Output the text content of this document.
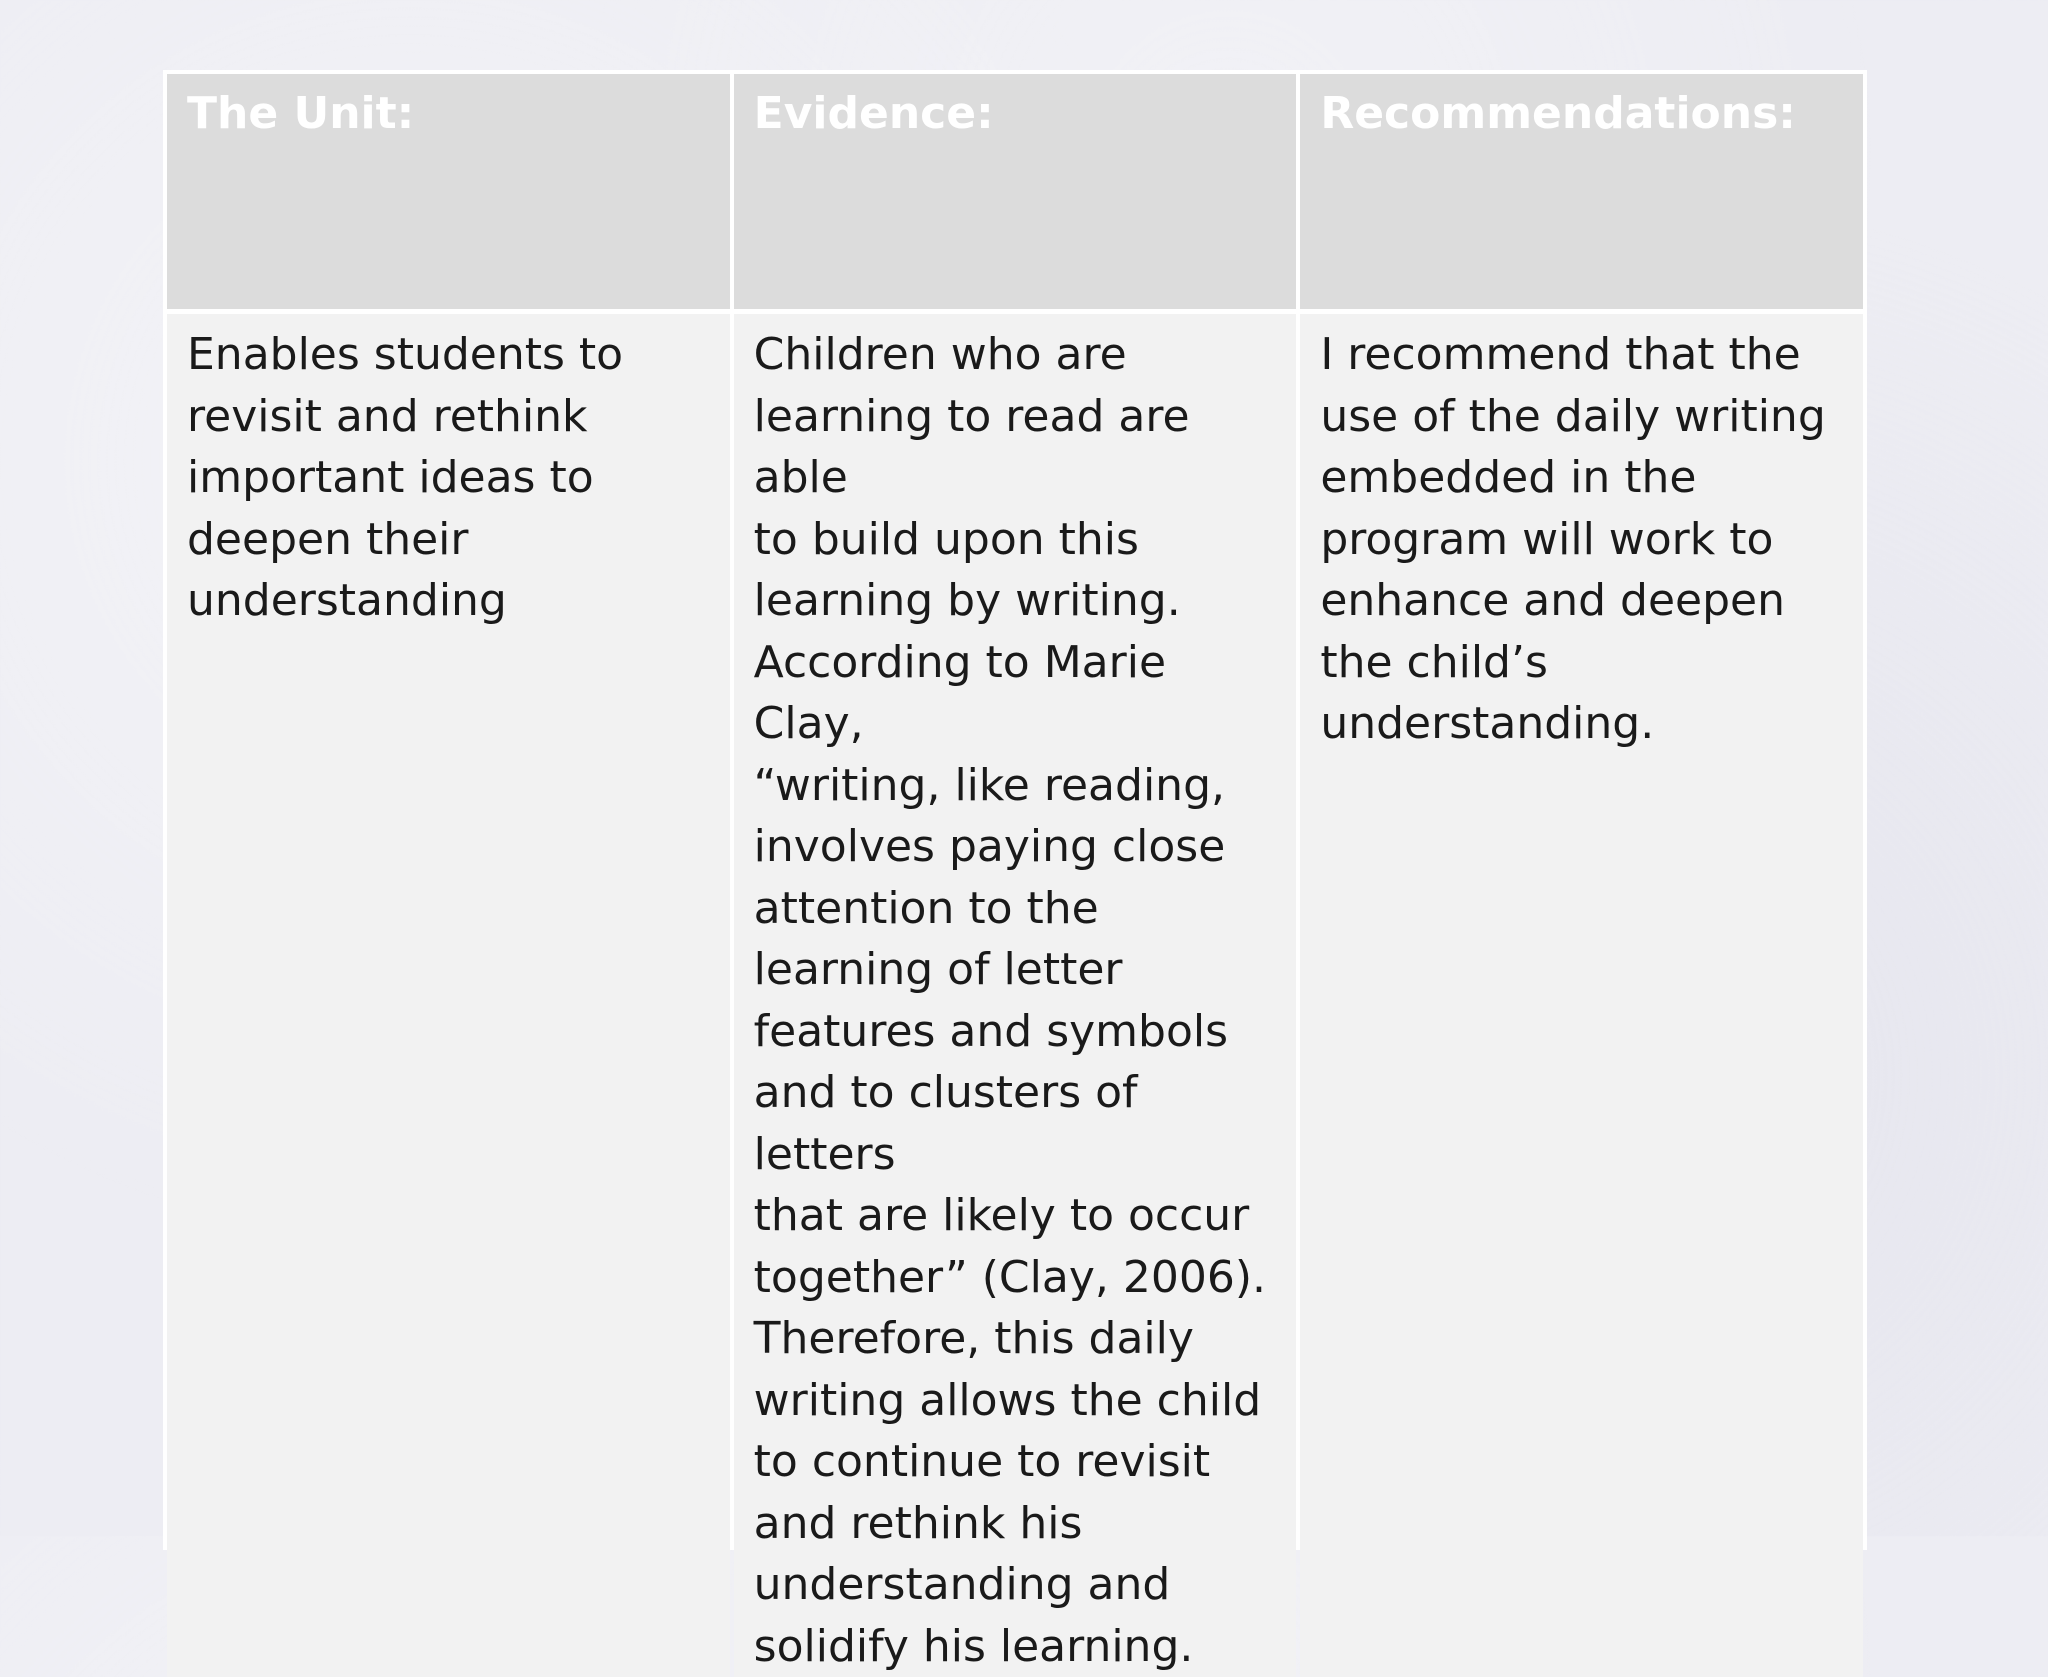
The Unit:	Evidence:	Recommendations:
Enables students to
revisit and rethink
important ideas to
deepen their
understanding
Children who are
learning to read are able
to build upon this
learning by writing.
According to Marie Clay,
“writing, like reading,
involves paying close
attention to the
learning of letter
features and symbols
and to clusters of letters
that are likely to occur
together” (Clay, 2006).
Therefore, this daily
writing allows the child
to continue to revisit
and rethink his
understanding and
solidify his learning.
I recommend that the
use of the daily writing
embedded in the
program will work to
enhance and deepen
the child’s
understanding.
